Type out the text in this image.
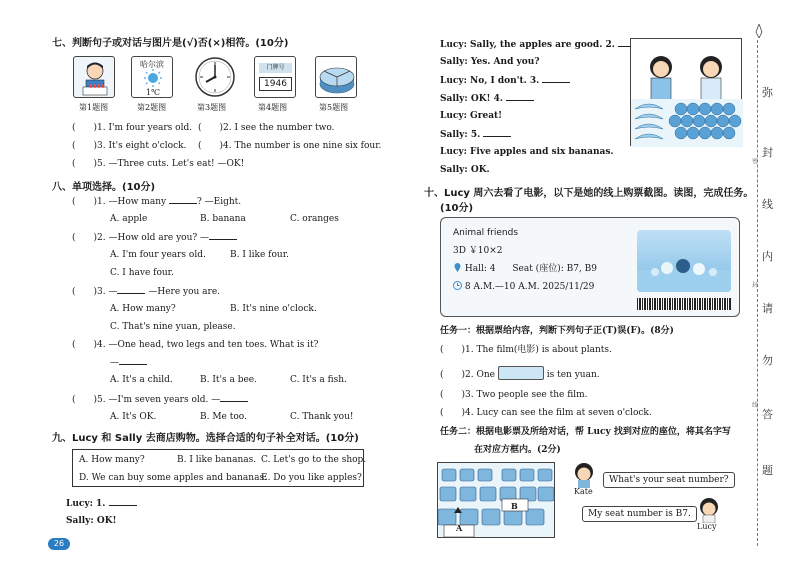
七、判断句子或对话与图片是(√)否(×)相符。(10分)
第1题图
哈尔滨
1℃
第2题图	第3题图
门牌号
1946
第4题图	第5题图
(　　)1. I'm four years old. (　　)2. I see the number two.
(　　)3. It's eight o'clock. (　　)4. The number is one nine six four.
(　　)5. —Three cuts. Let's eat! —OK!
八、单项选择。(10分)
(　　)1. —How many	? —Eight.
A. apple	B. banana	C. oranges
(　　)2. —How old are you? —
A. I'm four years old.	B. I like four.
C. I have four.
(　　)3. —	—Here you are.
A. How many?	B. It's nine o'clock.
C. That's nine yuan, please.
(　　)4. —One head, two legs and ten toes. What is it?
—
A. It's a child.	B. It's a bee.	C. It's a fish.
(　　)5. —I'm seven years old. —
A. It's OK.	B. Me too.	C. Thank you!
九、Lucy 和 Sally 去商店购物。选择合适的句子补全对话。(10分)
A. How many?	B. I like bananas. C. Let's go to the shop.
D. We can buy some apples and bananas.
E. Do you like apples?
Lucy: 1.
Sally: OK!
26
Lucy: Sally, the apples are good. 2.
Sally: Yes. And you?
Lucy: No, I don't. 3.
Sally: OK! 4.
Lucy: Great!
Sally: 5.
Lucy: Five apples and six bananas.
Sally: OK.
十、Lucy 周六去看了电影，以下是她的线上购票截图。读图，完成任务。
(10分)
Animal friends
3D ￥10×2
Hall: 4 Seat (座位): B7, B9
8 A.M.—10 A.M. 2025/11/29
任务一：根据票给内容，判断下列句子正(T)误(F)。(8分)
(　　)1. The film(电影) is about plants.
(　　)2. One	is ten yuan.
(　　)3. Two people see the film.
(　　)4. Lucy can see the film at seven o'clock.
任务二：根据电影票及所给对话，帮 Lucy 找到对应的座位，将其名字写
在对应方框内。(2分)
A
B
Kate
What's your seat number?
My seat number is B7.
Lucy
弥
封
线
内
请
勿
答
题
密
封
线
